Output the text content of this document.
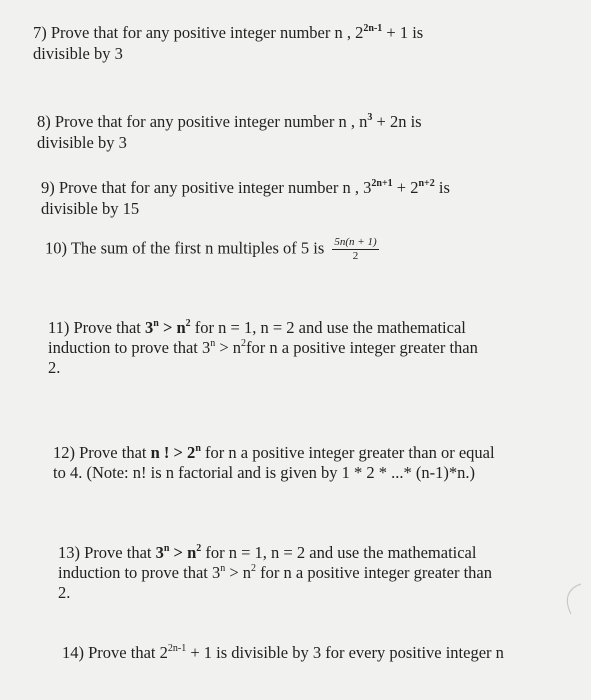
7) Prove that for any positive integer number n , $2^{2n-1} + 1$ is
divisible by 3
8) Prove that for any positive integer number n , $n^3 + 2n$ is
divisible by 3
9) Prove that for any positive integer number n , $3^{2n+1} + 2^{n+2}$ is
divisible by 15
10) The sum of the first n multiples of 5 is $\frac{5n(n + 1)}{2}$
11) Prove that $3^n > n^2$ for n = 1, n = 2 and use the mathematical
induction to prove that $3^n > n^2for$ n a positive integer greater than
2.
12) Prove that n ! > $2^n$ for n a positive integer greater than or equal
to 4. (Note: n! is n factorial and is given by 1 * 2 * ...* (n-1)*n.)
13) Prove that $3^n > n^2$ for n = 1, n = 2 and use the mathematical
induction to prove that $3^n > n^2$ for n a positive integer greater than
2.
14) Prove that $2^{2n-1} + 1$ is divisible by 3 for every positive integer n
